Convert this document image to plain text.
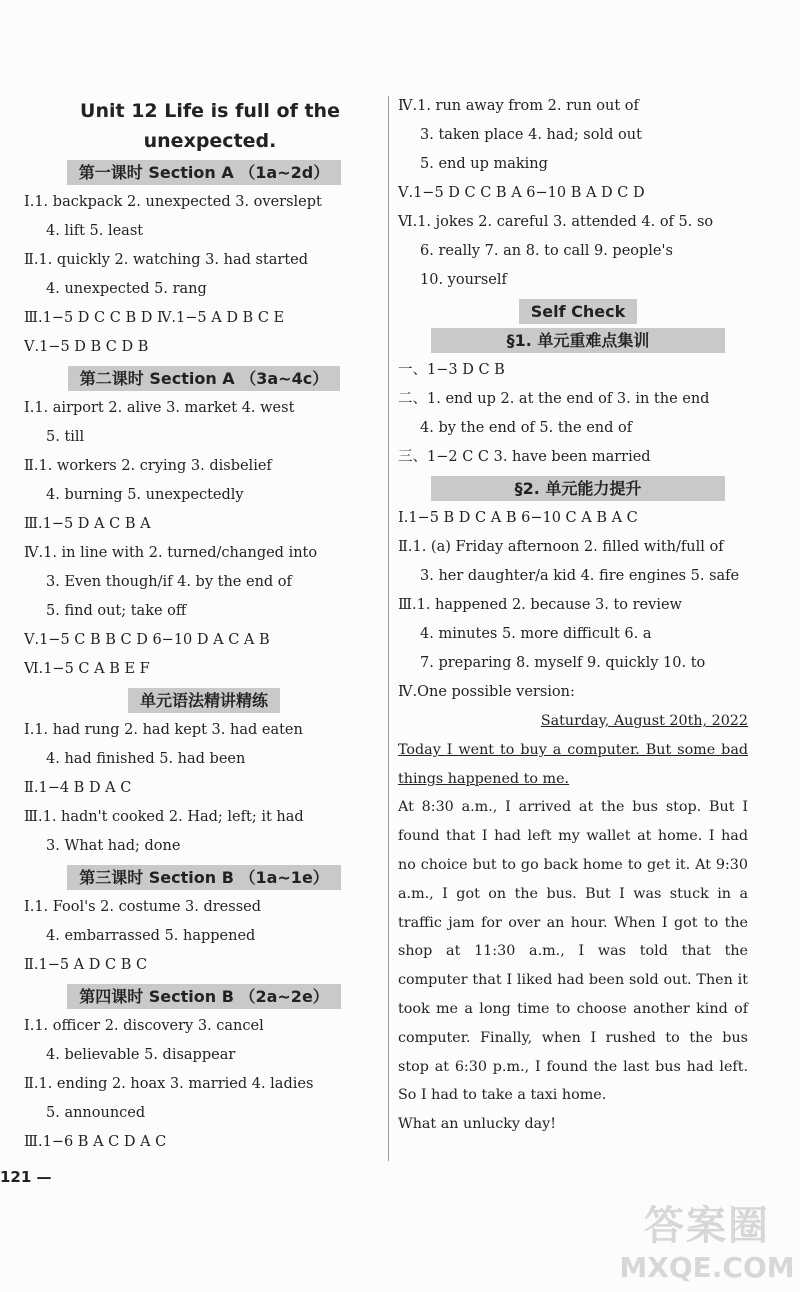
Unit 12 Life is full of the
unexpected.
第一课时 Section A （1a~2d）
Ⅰ.1. backpack 2. unexpected 3. overslept
4. lift 5. least
Ⅱ.1. quickly 2. watching 3. had started
4. unexpected 5. rang
Ⅲ.1−5 D C C B D Ⅳ.1−5 A D B C E
Ⅴ.1−5 D B C D B
第二课时 Section A （3a~4c）
Ⅰ.1. airport 2. alive 3. market 4. west
5. till
Ⅱ.1. workers 2. crying 3. disbelief
4. burning 5. unexpectedly
Ⅲ.1−5 D A C B A
Ⅳ.1. in line with 2. turned/changed into
3. Even though/if 4. by the end of
5. find out; take off
Ⅴ.1−5 C B B C D 6−10 D A C A B
Ⅵ.1−5 C A B E F
单元语法精讲精练
Ⅰ.1. had rung 2. had kept 3. had eaten
4. had finished 5. had been
Ⅱ.1−4 B D A C
Ⅲ.1. hadn't cooked 2. Had; left; it had
3. What had; done
第三课时 Section B （1a~1e）
Ⅰ.1. Fool's 2. costume 3. dressed
4. embarrassed 5. happened
Ⅱ.1−5 A D C B C
第四课时 Section B （2a~2e）
Ⅰ.1. officer 2. discovery 3. cancel
4. believable 5. disappear
Ⅱ.1. ending 2. hoax 3. married 4. ladies
5. announced
Ⅲ.1−6 B A C D A C
Ⅳ.1. run away from 2. run out of
3. taken place 4. had; sold out
5. end up making
Ⅴ.1−5 D C C B A 6−10 B A D C D
Ⅵ.1. jokes 2. careful 3. attended 4. of 5. so
6. really 7. an 8. to call 9. people's
10. yourself
Self Check
§1. 单元重难点集训
一、1−3 D C B
二、1. end up 2. at the end of 3. in the end
4. by the end of 5. the end of
三、1−2 C C 3. have been married
§2. 单元能力提升
Ⅰ.1−5 B D C A B 6−10 C A B A C
Ⅱ.1. (a) Friday afternoon 2. filled with/full of
3. her daughter/a kid 4. fire engines 5. safe
Ⅲ.1. happened 2. because 3. to review
4. minutes 5. more difficult 6. a
7. preparing 8. myself 9. quickly 10. to
Ⅳ.One possible version:
Saturday, August 20th, 2022

Today I went to buy a computer. But some bad things happened to me.

At 8:30 a.m., I arrived at the bus stop. But I found that I had left my wallet at home. I had no choice but to go back home to get it. At 9:30 a.m., I got on the bus. But I was stuck in a traffic jam for over an hour. When I got to the shop at 11:30 a.m., I was told that the computer that I liked had been sold out. Then it took me a long time to choose another kind of computer. Finally, when I rushed to the bus stop at 6:30 p.m., I found the last bus had left. So I had to take a taxi home.

What an unlucky day!

121 —
答案圈
MXQE.COM
